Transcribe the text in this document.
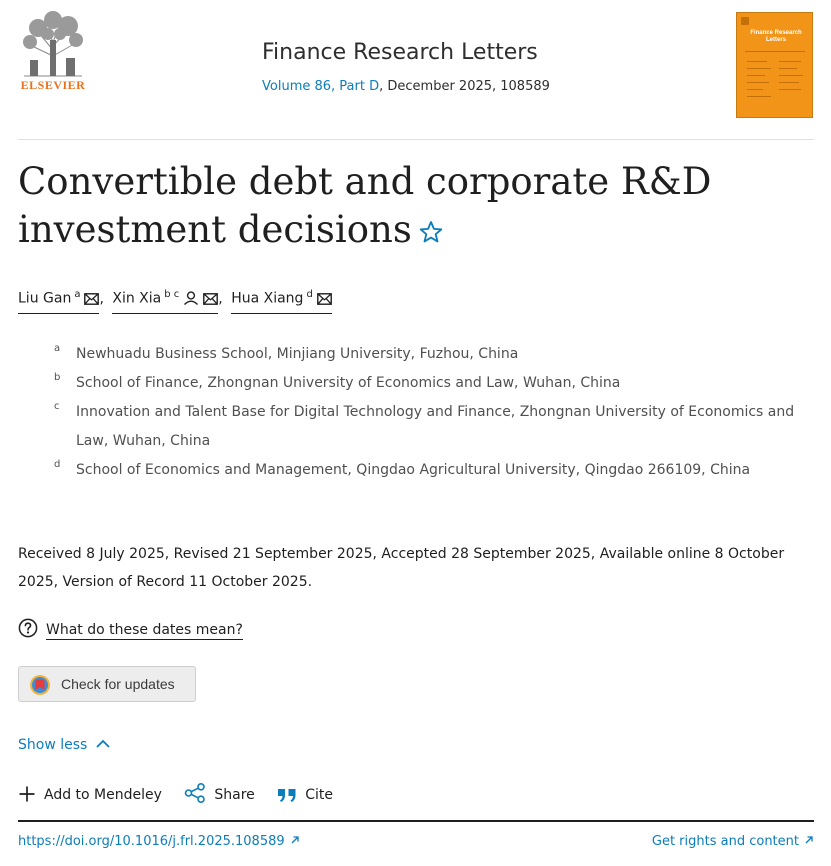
ELSEVIER
Finance Research Letters
Volume 86, Part D, December 2025, 108589
Finance Research Letters
Convertible debt and corporate R&D investment decisions
Liu Gan $^a$ , Xin Xia $^{b c}$	, Hua Xiang $^d$
a Newhuadu Business School, Minjiang University, Fuzhou, China
b School of Finance, Zhongnan University of Economics and Law, Wuhan, China
c Innovation and Talent Base for Digital Technology and Finance, Zhongnan University of Economics and Law, Wuhan, China
d School of Economics and Management, Qingdao Agricultural University, Qingdao 266109, China
Received 8 July 2025, Revised 21 September 2025, Accepted 28 September 2025, Available online 8 October 2025, Version of Record 11 October 2025.
What do these dates mean?
Check for updates
Show less
Add to Mendeley	Share	Cite
https://doi.org/10.1016/j.frl.2025.108589	Get rights and content
